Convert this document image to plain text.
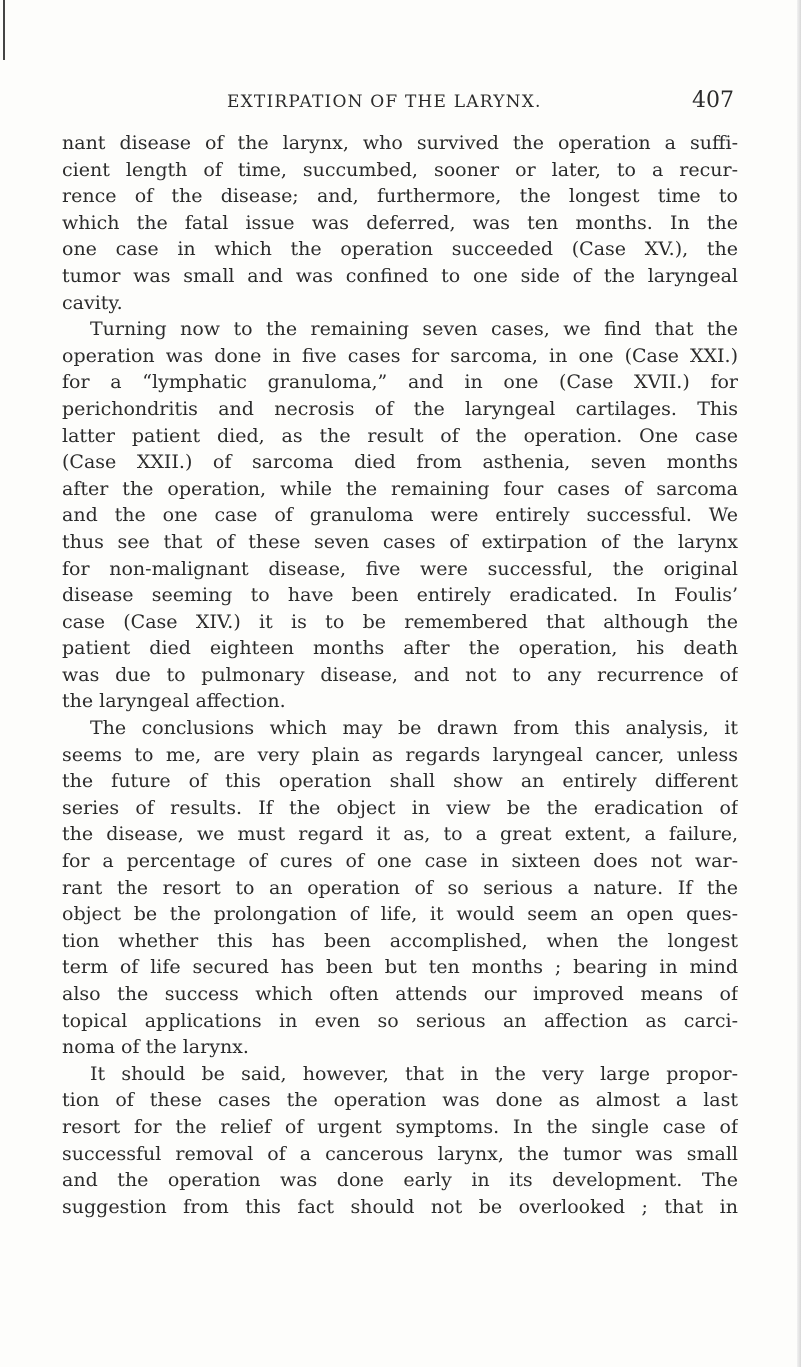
EXTIRPATION OF THE LARYNX.	407
nant disease of the larynx, who survived the operation a suffi-
cient length of time, succumbed, sooner or later, to a recur-
rence of the disease; and, furthermore, the longest time to
which the fatal issue was deferred, was ten months. In the
one case in which the operation succeeded (Case XV.), the
tumor was small and was confined to one side of the laryngeal
cavity.
Turning now to the remaining seven cases, we find that the
operation was done in five cases for sarcoma, in one (Case XXI.)
for a “lymphatic granuloma,” and in one (Case XVII.) for
perichondritis and necrosis of the laryngeal cartilages. This
latter patient died, as the result of the operation. One case
(Case XXII.) of sarcoma died from asthenia, seven months
after the operation, while the remaining four cases of sarcoma
and the one case of granuloma were entirely successful. We
thus see that of these seven cases of extirpation of the larynx
for non-malignant disease, five were successful, the original
disease seeming to have been entirely eradicated. In Foulis’
case (Case XIV.) it is to be remembered that although the
patient died eighteen months after the operation, his death
was due to pulmonary disease, and not to any recurrence of
the laryngeal affection.
The conclusions which may be drawn from this analysis, it
seems to me, are very plain as regards laryngeal cancer, unless
the future of this operation shall show an entirely different
series of results. If the object in view be the eradication of
the disease, we must regard it as, to a great extent, a failure,
for a percentage of cures of one case in sixteen does not war-
rant the resort to an operation of so serious a nature. If the
object be the prolongation of life, it would seem an open ques-
tion whether this has been accomplished, when the longest
term of life secured has been but ten months ; bearing in mind
also the success which often attends our improved means of
topical applications in even so serious an affection as carci-
noma of the larynx.
It should be said, however, that in the very large propor-
tion of these cases the operation was done as almost a last
resort for the relief of urgent symptoms. In the single case of
successful removal of a cancerous larynx, the tumor was small
and the operation was done early in its development. The
suggestion from this fact should not be overlooked ; that in
